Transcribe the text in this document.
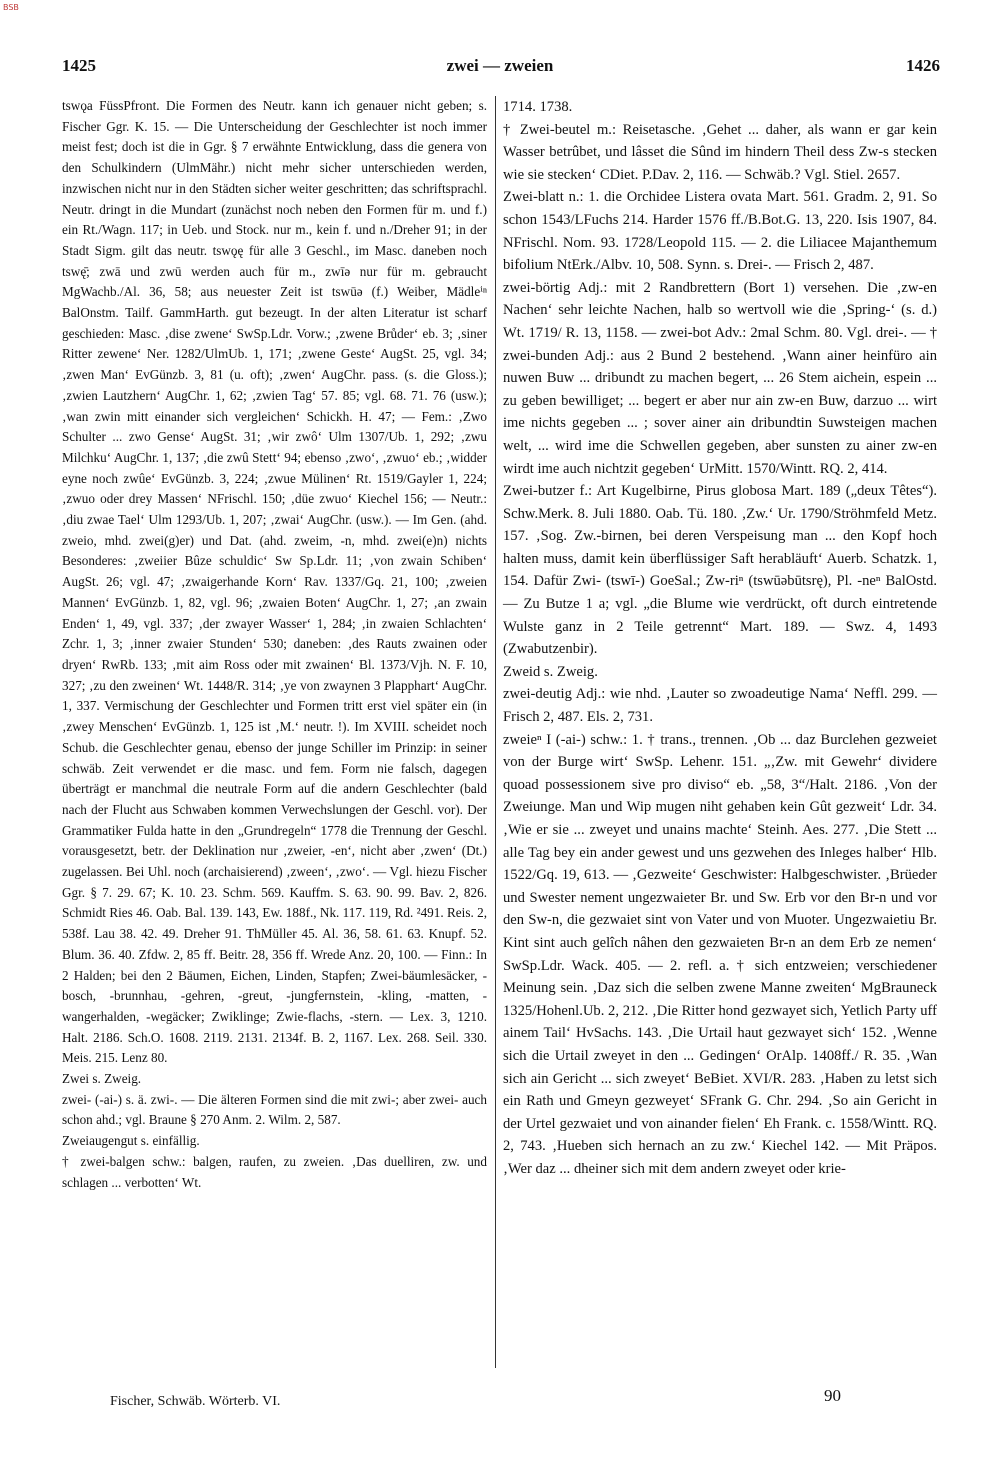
BSB
1425	zwei — zweien	1426

tswǫa FüssPfront. Die Formen des Neutr. kann ich genauer nicht geben; s. Fischer Ggr. K. 15. — Die Unterscheidung der Geschlechter ist noch immer meist fest; doch ist die in Ggr. § 7 erwähnte Entwicklung, dass die genera von den Schulkindern (UlmMähr.) nicht mehr sicher unterschieden werden, inzwischen nicht nur in den Städten sicher weiter geschritten; das schriftsprachl. Neutr. dringt in die Mundart (zunächst noch neben den Formen für m. und f.) ein Rt./Wagn. 117; in Ueb. und Stock. nur m., kein f. und n./Dreher 91; in der Stadt Sigm. gilt das neutr. tswǫę für alle 3 Geschl., im Masc. daneben noch tswę̄; zwā und zwū werden auch für m., zwīə nur für m. gebraucht MgWachb./Al. 36, 58; aus neuester Zeit ist tswūə (f.) Weiber, Mädleⁱⁿ BalOnstm. Tailf. GammHarth. gut bezeugt. In der alten Literatur ist scharf geschieden: Masc. ‚dise zwene‘ SwSp.Ldr. Vorw.; ‚zwene Brůder‘ eb. 3; ‚siner Ritter zewene‘ Ner. 1282/UlmUb. 1, 171; ‚zwene Geste‘ AugSt. 25, vgl. 34; ‚zwen Man‘ EvGünzb. 3, 81 (u. oft); ‚zwen‘ AugChr. pass. (s. die Gloss.); ‚zwien Lautzhern‘ AugChr. 1, 62; ‚zwien Tag‘ 57. 85; vgl. 68. 71. 76 (usw.); ‚wan zwin mitt einander sich vergleichen‘ Schickh. H. 47; — Fem.: ‚Zwo Schulter ... zwo Gense‘ AugSt. 31; ‚wir zwô‘ Ulm 1307/Ub. 1, 292; ‚zwu Milchku‘ AugChr. 1, 137; ‚die zwû Stett‘ 94; ebenso ‚zwo‘, ‚zwuo‘ eb.; ‚widder eyne noch zwûe‘ EvGünzb. 3, 224; ‚zwue Mülinen‘ Rt. 1519/Gayler 1, 224; ‚zwuo oder drey Massen‘ NFrischl. 150; ‚düe zwuo‘ Kiechel 156; — Neutr.: ‚diu zwae Tael‘ Ulm 1293/Ub. 1, 207; ‚zwai‘ AugChr. (usw.). — Im Gen. (ahd. zweio, mhd. zwei(g)er) und Dat. (ahd. zweim, -n, mhd. zwei(e)n) nichts Besonderes: ‚zweiier Bûze schuldic‘ Sw Sp.Ldr. 11; ‚von zwain Schiben‘ AugSt. 26; vgl. 47; ‚zwaigerhande Korn‘ Rav. 1337/Gq. 21, 100; ‚zweien Mannen‘ EvGünzb. 1, 82, vgl. 96; ‚zwaien Boten‘ AugChr. 1, 27; ‚an zwain Enden‘ 1, 49, vgl. 337; ‚der zwayer Wasser‘ 1, 284; ‚in zwaien Schlachten‘ Zchr. 1, 3; ‚inner zwaier Stunden‘ 530; daneben: ‚des Rauts zwainen oder dryen‘ RwRb. 133; ‚mit aim Ross oder mit zwainen‘ Bl. 1373/Vjh. N. F. 10, 327; ‚zu den zweinen‘ Wt. 1448/R. 314; ‚ye von zwaynen 3 Plapphart‘ AugChr. 1, 337. Vermischung der Geschlechter und Formen tritt erst viel später ein (in ‚zwey Menschen‘ EvGünzb. 1, 125 ist ‚M.‘ neutr. !). Im XVIII. scheidet noch Schub. die Geschlechter genau, ebenso der junge Schiller im Prinzip: in seiner schwäb. Zeit verwendet er die masc. und fem. Form nie falsch, dagegen überträgt er manchmal die neutrale Form auf die andern Geschlechter (bald nach der Flucht aus Schwaben kommen Verwechslungen der Geschl. vor). Der Grammatiker Fulda hatte in den „Grundregeln“ 1778 die Trennung der Geschl. vorausgesetzt, betr. der Deklination nur ‚zweier, -en‘, nicht aber ‚zwen‘ (Dt.) zugelassen. Bei Uhl. noch (archaisierend) ‚zween‘, ‚zwo‘. — Vgl. hiezu Fischer Ggr. § 7. 29. 67; K. 10. 23. Schm. 569. Kauffm. S. 63. 90. 99. Bav. 2, 826. Schmidt Ries 46. Oab. Bal. 139. 143, Ew. 188f., Nk. 117. 119, Rd. ²491. Reis. 2, 538f. Lau 38. 42. 49. Dreher 91. ThMüller 45. Al. 36, 58. 61. 63. Knupf. 52. Blum. 36. 40. Zfdw. 2, 85 ff. Beitr. 28, 356 ff. Wrede Anz. 20, 100. — Finn.: In 2 Halden; bei den 2 Bäumen, Eichen, Linden, Stapfen; Zwei-bäumlesäcker, -bosch, -brunnhau, -gehren, -greut, -jungfernstein, -kling, -matten, -wangerhalden, -wegäcker; Zwiklinge; Zwie-flachs, -stern. — Lex. 3, 1210. Halt. 2186. Sch.O. 1608. 2119. 2131. 2134f. B. 2, 1167. Lex. 268. Seil. 330. Meis. 215. Lenz 80.

Zwei s. Zweig.

zwei- (-ai-) s. ä. zwi-. — Die älteren Formen sind die mit zwi-; aber zwei- auch schon ahd.; vgl. Braune § 270 Anm. 2. Wilm. 2, 587.

Zweiaugengut s. einfällig.

† zwei-balgen schw.: balgen, raufen, zu zweien. ‚Das duelliren, zw. und schlagen ... verbotten‘ Wt.

1714. 1738.

† Zwei-beutel m.: Reisetasche. ‚Gehet ... daher, als wann er gar kein Wasser betrûbet, und lâsset die Sûnd im hindern Theil dess Zw-s stecken wie sie stecken‘ CDiet. P.Dav. 2, 116. — Schwäb.? Vgl. Stiel. 2657.

Zwei-blatt n.: 1. die Orchidee Listera ovata Mart. 561. Gradm. 2, 91. So schon 1543/LFuchs 214. Harder 1576 ff./B.Bot.G. 13, 220. Isis 1907, 84. NFrischl. Nom. 93. 1728/Leopold 115. — 2. die Liliacee Majanthemum bifolium NtErk./Albv. 10, 508. Synn. s. Drei-. — Frisch 2, 487.

zwei-börtig Adj.: mit 2 Randbrettern (Bort 1) versehen. Die ‚zw-en Nachen‘ sehr leichte Nachen, halb so wertvoll wie die ‚Spring-‘ (s. d.) Wt. 1719/ R. 13, 1158. — zwei-bot Adv.: 2mal Schm. 80. Vgl. drei-. — † zwei-bunden Adj.: aus 2 Bund 2 bestehend. ‚Wann ainer heinfüro ain nuwen Buw ... dribundt zu machen begert, ... 26 Stem aichein, espein ... zu geben bewilliget; ... begert er aber nur ain zw-en Buw, darzuo ... wirt ime nichts gegeben ... ; sover ainer ain dribundtin Suwsteigen machen welt, ... wird ime die Schwellen gegeben, aber sunsten zu ainer zw-en wirdt ime auch nichtzit gegeben‘ UrMitt. 1570/Wintt. RQ. 2, 414.

Zwei-butzer f.: Art Kugelbirne, Pirus globosa Mart. 189 („deux Têtes“). Schw.Merk. 8. Juli 1880. Oab. Tü. 180. ‚Zw.‘ Ur. 1790/Ströhmfeld Metz. 157. ‚Sog. Zw.-birnen, bei deren Verspeisung man ... den Kopf hoch halten muss, damit kein überflüssiger Saft herabläuft‘ Auerb. Schatzk. 1, 154. Dafür Zwi- (tswī-) GoeSal.; Zw-riⁿ (tswūəbūtsrę), Pl. -neⁿ BalOstd. — Zu Butze 1 a; vgl. „die Blume wie verdrückt, oft durch eintretende Wulste ganz in 2 Teile getrennt“ Mart. 189. — Swz. 4, 1493 (Zwabutzenbir).

Zweid s. Zweig.

zwei-deutig Adj.: wie nhd. ‚Lauter so zwoadeutige Nama‘ Neffl. 299. — Frisch 2, 487. Els. 2, 731.

zweieⁿ I (-ai-) schw.: 1. † trans., trennen. ‚Ob ... daz Burclehen gezweiet von der Burge wirt‘ SwSp. Lehenr. 151. „‚Zw. mit Gewehr‘ dividere quoad possessionem sive pro diviso“ eb. „58, 3“/Halt. 2186. ‚Von der Zweiunge. Man und Wip mugen niht gehaben kein Gût gezweit‘ Ldr. 34. ‚Wie er sie ... zweyet und unains machte‘ Steinh. Aes. 277. ‚Die Stett ... alle Tag bey ein ander gewest und uns gezwehen des Inleges halber‘ Hlb. 1522/Gq. 19, 613. — ‚Gezweite‘ Geschwister: Halbgeschwister. ‚Brüeder und Swester nement ungezwaieter Br. und Sw. Erb vor den Br-n und vor den Sw-n, die gezwaiet sint von Vater und von Muoter. Ungezwaietiu Br. Kint sint auch gelîch nâhen den gezwaieten Br-n an dem Erb ze nemen‘ SwSp.Ldr. Wack. 405. — 2. refl. a. † sich entzweien; verschiedener Meinung sein. ‚Daz sich die selben zwene Manne zweiten‘ MgBrauneck 1325/Hohenl.Ub. 2, 212. ‚Die Ritter hond gezwayet sich, Yetlich Party uff ainem Tail‘ HvSachs. 143. ‚Die Urtail haut gezwayet sich‘ 152. ‚Wenne sich die Urtail zweyet in den ... Gedingen‘ OrAlp. 1408ff./ R. 35. ‚Wan sich ain Gericht ... sich zweyet‘ BeBiet. XVI/R. 283. ‚Haben zu letst sich ein Rath und Gmeyn gezweyet‘ SFrank G. Chr. 294. ‚So ain Gericht in der Urtel gezwaiet und von ainander fielen‘ Eh Frank. c. 1558/Wintt. RQ. 2, 743. ‚Hueben sich hernach an zu zw.‘ Kiechel 142. — Mit Präpos. ‚Wer daz ... dheiner sich mit dem andern zweyet oder krie-

Fischer, Schwäb. Wörterb. VI.	90
